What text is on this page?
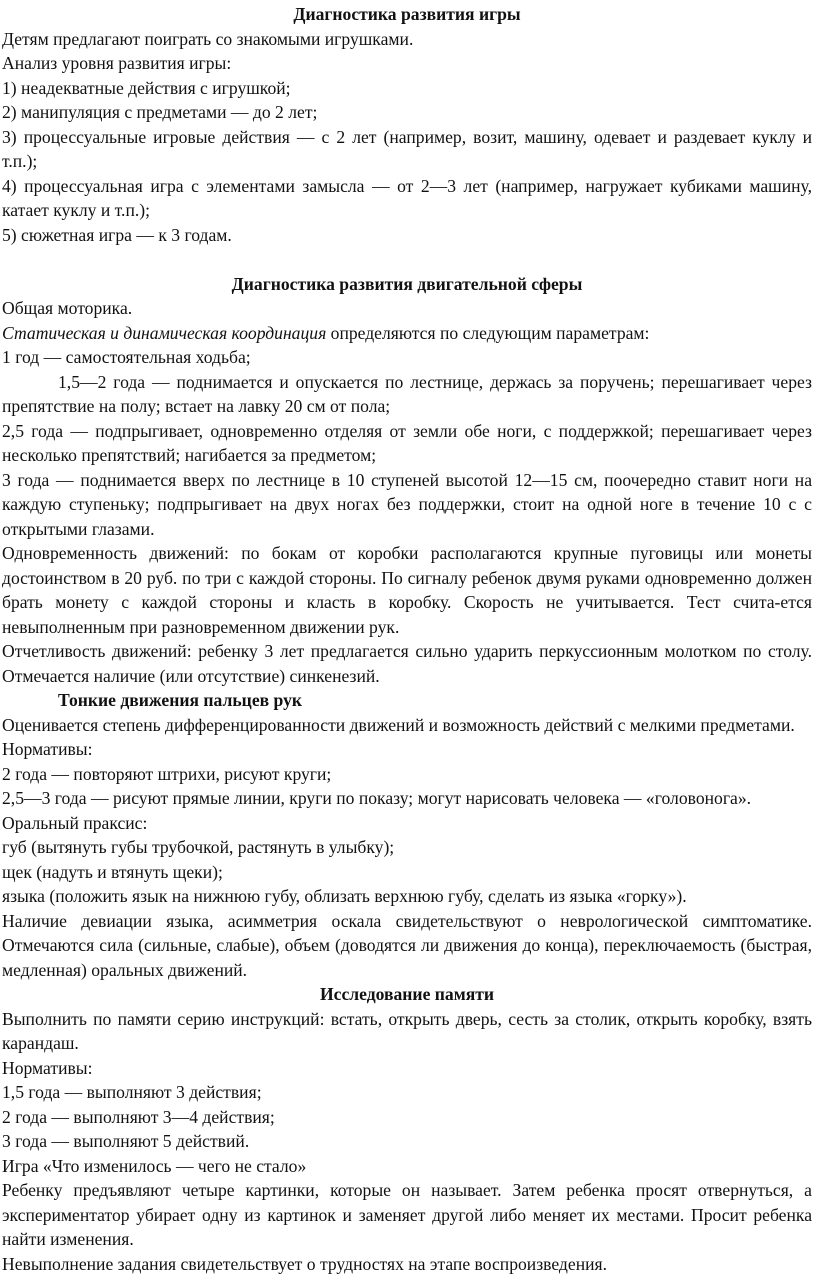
Диагностика развития игры

Детям предлагают поиграть со знакомыми игрушками.

Анализ уровня развития игры:

1) неадекватные действия с игрушкой;

2) манипуляция с предметами — до 2 лет;

3) процессуальные игровые действия — с 2 лет (например, возит, машину, одевает и раздевает куклу и т.п.);

4) процессуальная игра с элементами замысла — от 2—3 лет (например, нагружает кубиками машину, катает куклу и т.п.);

5) сюжетная игра — к 3 годам.

Диагностика развития двигательной сферы

Общая моторика.

Статическая и динамическая координация определяются по следующим параметрам:

1 год — самостоятельная ходьба;

1,5—2 года — поднимается и опускается по лестнице, держась за поручень; перешагивает через препятствие на полу; встает на лавку 20 см от пола;

2,5 года — подпрыгивает, одновременно отделяя от земли обе ноги, с поддержкой; перешагивает через несколько препятствий; нагибается за предметом;

3 года — поднимается вверх по лестнице в 10 ступеней высотой 12—15 см, поочередно ставит ноги на каждую ступеньку; подпрыгивает на двух ногах без поддержки, стоит на одной ноге в течение 10 с с открытыми глазами.

Одновременность движений: по бокам от коробки располагаются крупные пуговицы или монеты достоинством в 20 руб. по три с каждой стороны. По сигналу ребенок двумя руками одновременно должен брать монету с каждой стороны и класть в коробку. Скорость не учитывается. Тест счита-ется невыполненным при разновременном движении рук.

Отчетливость движений: ребенку 3 лет предлагается сильно ударить перкуссионным молотком по столу. Отмечается наличие (или отсутствие) синкенезий.

Тонкие движения пальцев рук

Оценивается степень дифференцированности движений и возможность действий с мелкими предметами.

Нормативы:

2 года — повторяют штрихи, рисуют круги;

2,5—3 года — рисуют прямые линии, круги по показу; могут нарисовать человека — «головонога».

Оральный праксис:

губ (вытянуть губы трубочкой, растянуть в улыбку);

щек (надуть и втянуть щеки);

языка (положить язык на нижнюю губу, облизать верхнюю губу, сделать из языка «горку»).

Наличие девиации языка, асимметрия оскала свидетельствуют о неврологической симптоматике. Отмечаются сила (сильные, слабые), объем (доводятся ли движения до конца), переключаемость (быстрая, медленная) оральных движений.

Исследование памяти

Выполнить по памяти серию инструкций: встать, открыть дверь, сесть за столик, открыть коробку, взять карандаш.

Нормативы:

1,5 года — выполняют 3 действия;

2 года — выполняют 3—4 действия;

3 года — выполняют 5 действий.

Игра «Что изменилось — чего не стало»

Ребенку предъявляют четыре картинки, которые он называет. Затем ребенка просят отвернуться, а экспериментатор убирает одну из картинок и заменяет другой либо меняет их местами. Просит ребенка найти изменения.

Невыполнение задания свидетельствует о трудностях на этапе воспроизведения.
